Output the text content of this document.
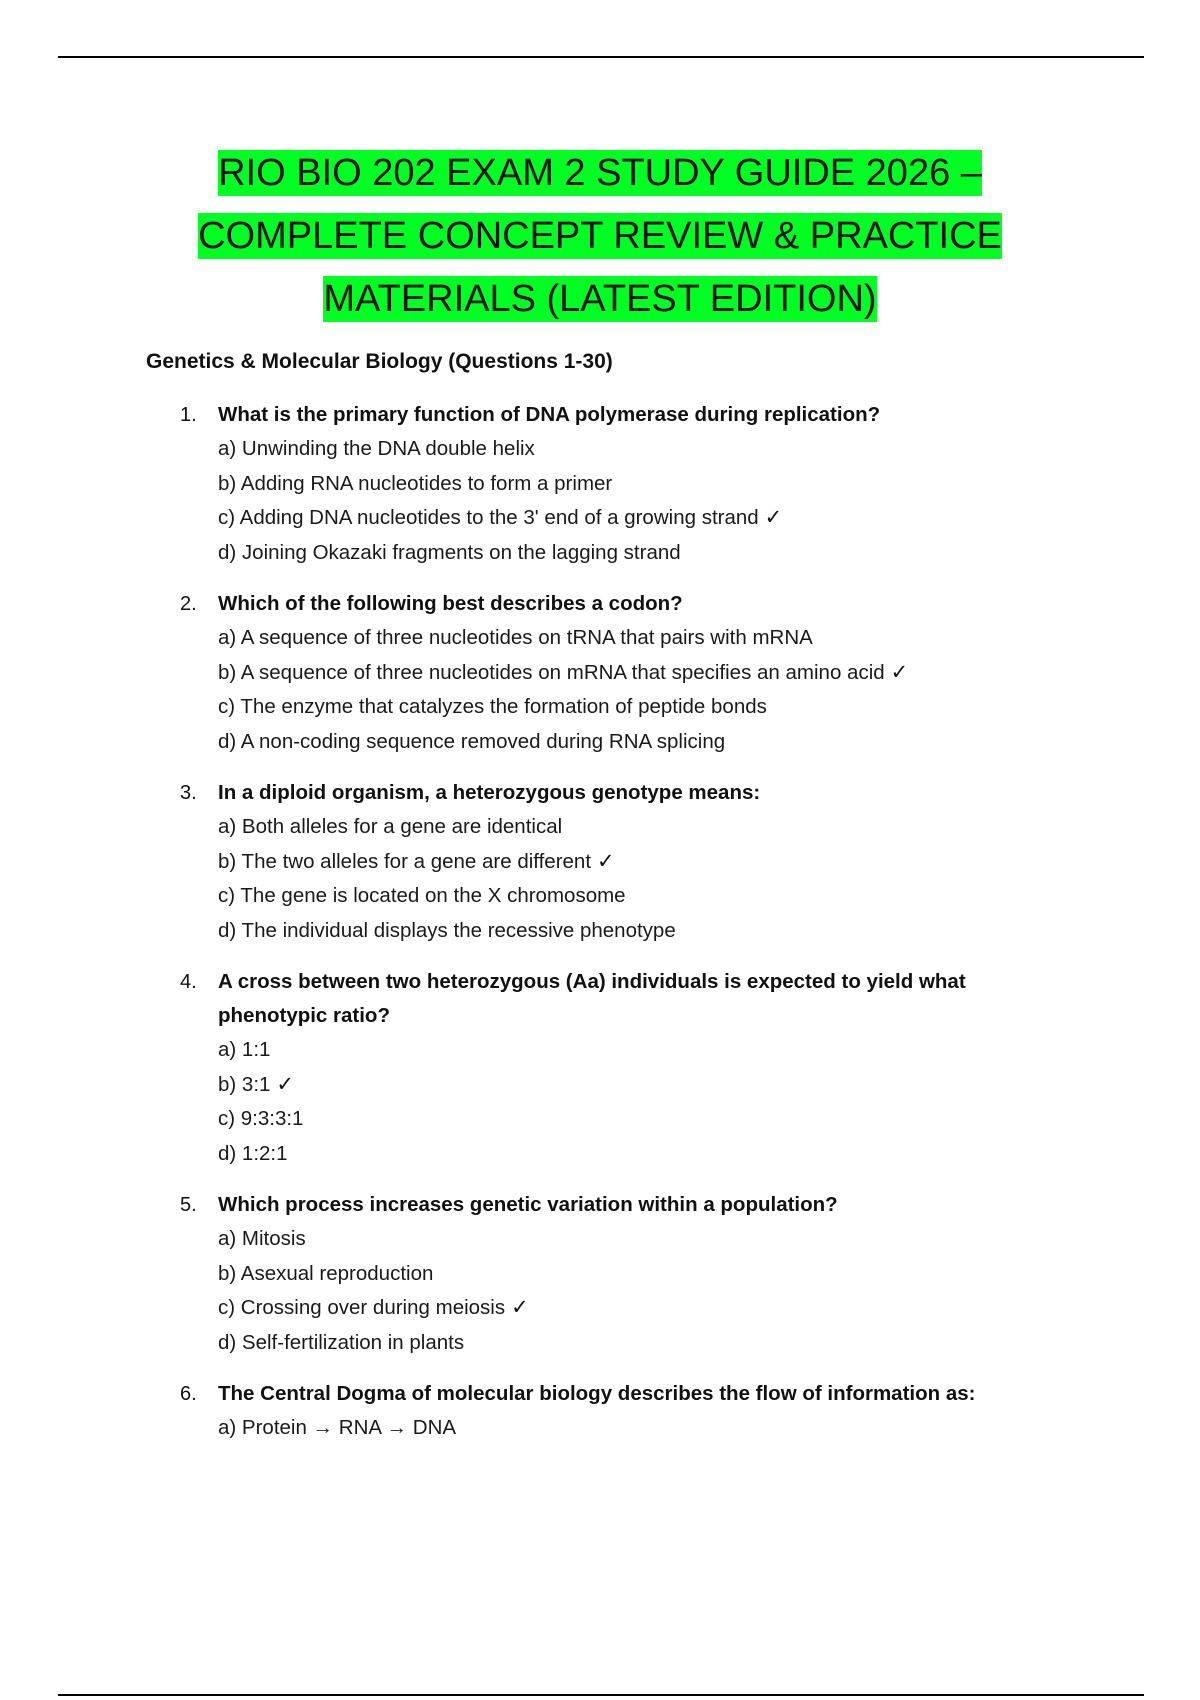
RIO BIO 202 EXAM 2 STUDY GUIDE 2026 –
COMPLETE CONCEPT REVIEW & PRACTICE
MATERIALS (LATEST EDITION)
Genetics & Molecular Biology (Questions 1-30)
1. What is the primary function of DNA polymerase during replication?
a) Unwinding the DNA double helix
b) Adding RNA nucleotides to form a primer
c) Adding DNA nucleotides to the 3' end of a growing strand ✓
d) Joining Okazaki fragments on the lagging strand
2. Which of the following best describes a codon?
a) A sequence of three nucleotides on tRNA that pairs with mRNA
b) A sequence of three nucleotides on mRNA that specifies an amino acid ✓
c) The enzyme that catalyzes the formation of peptide bonds
d) A non-coding sequence removed during RNA splicing
3. In a diploid organism, a heterozygous genotype means:
a) Both alleles for a gene are identical
b) The two alleles for a gene are different ✓
c) The gene is located on the X chromosome
d) The individual displays the recessive phenotype
4. A cross between two heterozygous (Aa) individuals is expected to yield what phenotypic ratio?
a) 1:1
b) 3:1 ✓
c) 9:3:3:1
d) 1:2:1
5. Which process increases genetic variation within a population?
a) Mitosis
b) Asexual reproduction
c) Crossing over during meiosis ✓
d) Self-fertilization in plants
6. The Central Dogma of molecular biology describes the flow of information as:
a) Protein → RNA → DNA
